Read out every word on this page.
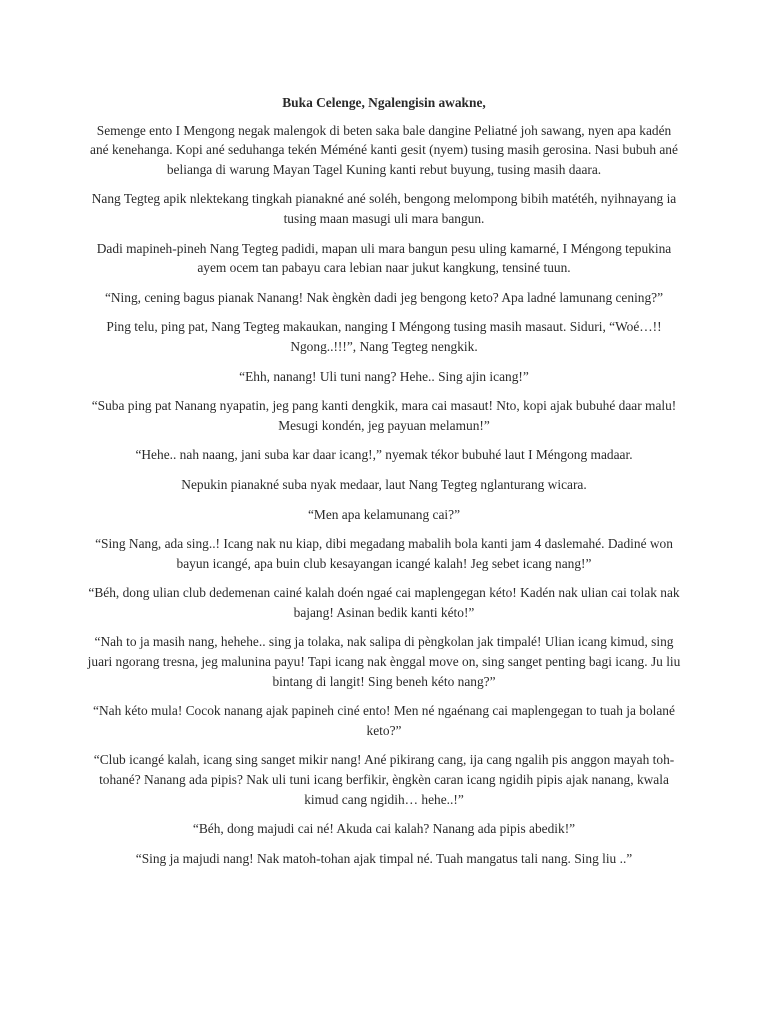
Buka Celenge, Ngalengisin awakne,
Semenge ento I Mengong negak malengok di beten saka bale dangine Peliatné joh sawang, nyen apa kadén ané kenehanga. Kopi ané seduhanga tekén Méméné kanti gesit (nyem) tusing masih gerosina. Nasi bubuh ané belianga di warung Mayan Tagel Kuning kanti rebut buyung, tusing masih daara.
Nang Tegteg apik nlektekang tingkah pianakné ané soléh, bengong melompong bibih matétéh, nyihnayang ia tusing maan masugi uli mara bangun.
Dadi mapineh-pineh Nang Tegteg padidi, mapan uli mara bangun pesu uling kamarné, I Méngong tepukina ayem ocem tan pabayu cara lebian naar jukut kangkung, tensiné tuun.
“Ning, cening bagus pianak Nanang! Nak èngkèn dadi jeg bengong keto? Apa ladné lamunang cening?”
Ping telu, ping pat, Nang Tegteg makaukan, nanging I Méngong tusing masih masaut. Siduri, “Woé…!! Ngong..!!!”, Nang Tegteg nengkik.
“Ehh, nanang! Uli tuni nang? Hehe.. Sing ajin icang!”
“Suba ping pat Nanang nyapatin, jeg pang kanti dengkik, mara cai masaut! Nto, kopi ajak bubuhé daar malu! Mesugi kondén, jeg payuan melamun!”
“Hehe.. nah naang, jani suba kar daar icang!,” nyemak tékor bubuhé laut I Méngong madaar.
Nepukin pianakné suba nyak medaar, laut Nang Tegteg nglanturang wicara.
“Men apa kelamunang cai?”
“Sing Nang, ada sing..! Icang nak nu kiap, dibi megadang mabalih bola kanti jam 4 daslemahé. Dadiné won bayun icangé, apa buin club kesayangan icangé kalah! Jeg sebet icang nang!”
“Béh, dong ulian club dedemenan cainé kalah doén ngaé cai maplengegan kéto! Kadén nak ulian cai tolak nak bajang! Asinan bedik kanti kéto!”
“Nah to ja masih nang, hehehe.. sing ja tolaka, nak salipa di pèngkolan jak timpalé! Ulian icang kimud, sing juari ngorang tresna, jeg malunina payu! Tapi icang nak ènggal move on, sing sanget penting bagi icang. Ju liu bintang di langit! Sing beneh kéto nang?”
“Nah kéto mula! Cocok nanang ajak papineh ciné ento! Men né ngaénang cai maplengegan to tuah ja bolané keto?”
“Club icangé kalah, icang sing sanget mikir nang! Ané pikirang cang, ija cang ngalih pis anggon mayah toh-tohané? Nanang ada pipis? Nak uli tuni icang berfikir, èngkèn caran icang ngidih pipis ajak nanang, kwala kimud cang ngidih… hehe..!”
“Béh, dong majudi cai né! Akuda cai kalah? Nanang ada pipis abedik!”
“Sing ja majudi nang! Nak matoh-tohan ajak timpal né. Tuah mangatus tali nang. Sing liu ..”
